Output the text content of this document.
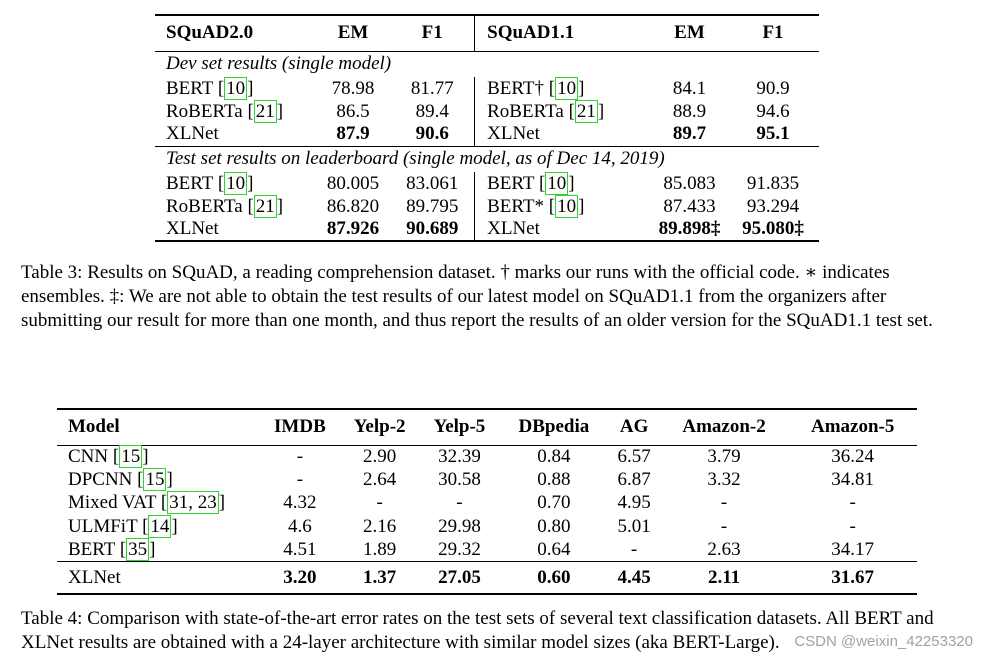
SQuAD2.0	EM	F1	SQuAD1.1	EM	F1
Dev set results (single model)					
BERT [ 10 ]	78.98	81.77	BERT† [ 10 ]	84.1	90.9
RoBERTa [ 21 ]	86.5	89.4	RoBERTa [ 21 ]	88.9	94.6
XLNet	87.9	90.6	XLNet	89.7	95.1
Test set results on leaderboard (single model, as of Dec 14, 2019)					
BERT [ 10 ]	80.005	83.061	BERT [ 10 ]	85.083	91.835
RoBERTa [ 21 ]	86.820	89.795	BERT* [ 10 ]	87.433	93.294
XLNet	87.926	90.689	XLNet	89.898‡	95.080‡
Table 3: Results on SQuAD, a reading comprehension dataset. † marks our runs with the official code. ∗ indicates ensembles. ‡: We are not able to obtain the test results of our latest model on SQuAD1.1 from the organizers after submitting our result for more than one month, and thus report the results of an older version for the SQuAD1.1 test set.
Model	IMDB	Yelp-2	Yelp-5	DBpedia	AG	Amazon-2	Amazon-5
CNN [ 15 ]	-	2.90	32.39	0.84	6.57	3.79	36.24
DPCNN [ 15 ]	-	2.64	30.58	0.88	6.87	3.32	34.81
Mixed VAT [ 31, 23 ]	4.32	-	-	0.70	4.95	-	-
ULMFiT [ 14 ]	4.6	2.16	29.98	0.80	5.01	-	-
BERT [ 35 ]	4.51	1.89	29.32	0.64	-	2.63	34.17
XLNet	3.20	1.37	27.05	0.60	4.45	2.11	31.67
Table 4: Comparison with state-of-the-art error rates on the test sets of several text classification datasets. All BERT and XLNet results are obtained with a 24-layer architecture with similar model sizes (aka BERT-Large). CSDN @weixin_42253320
